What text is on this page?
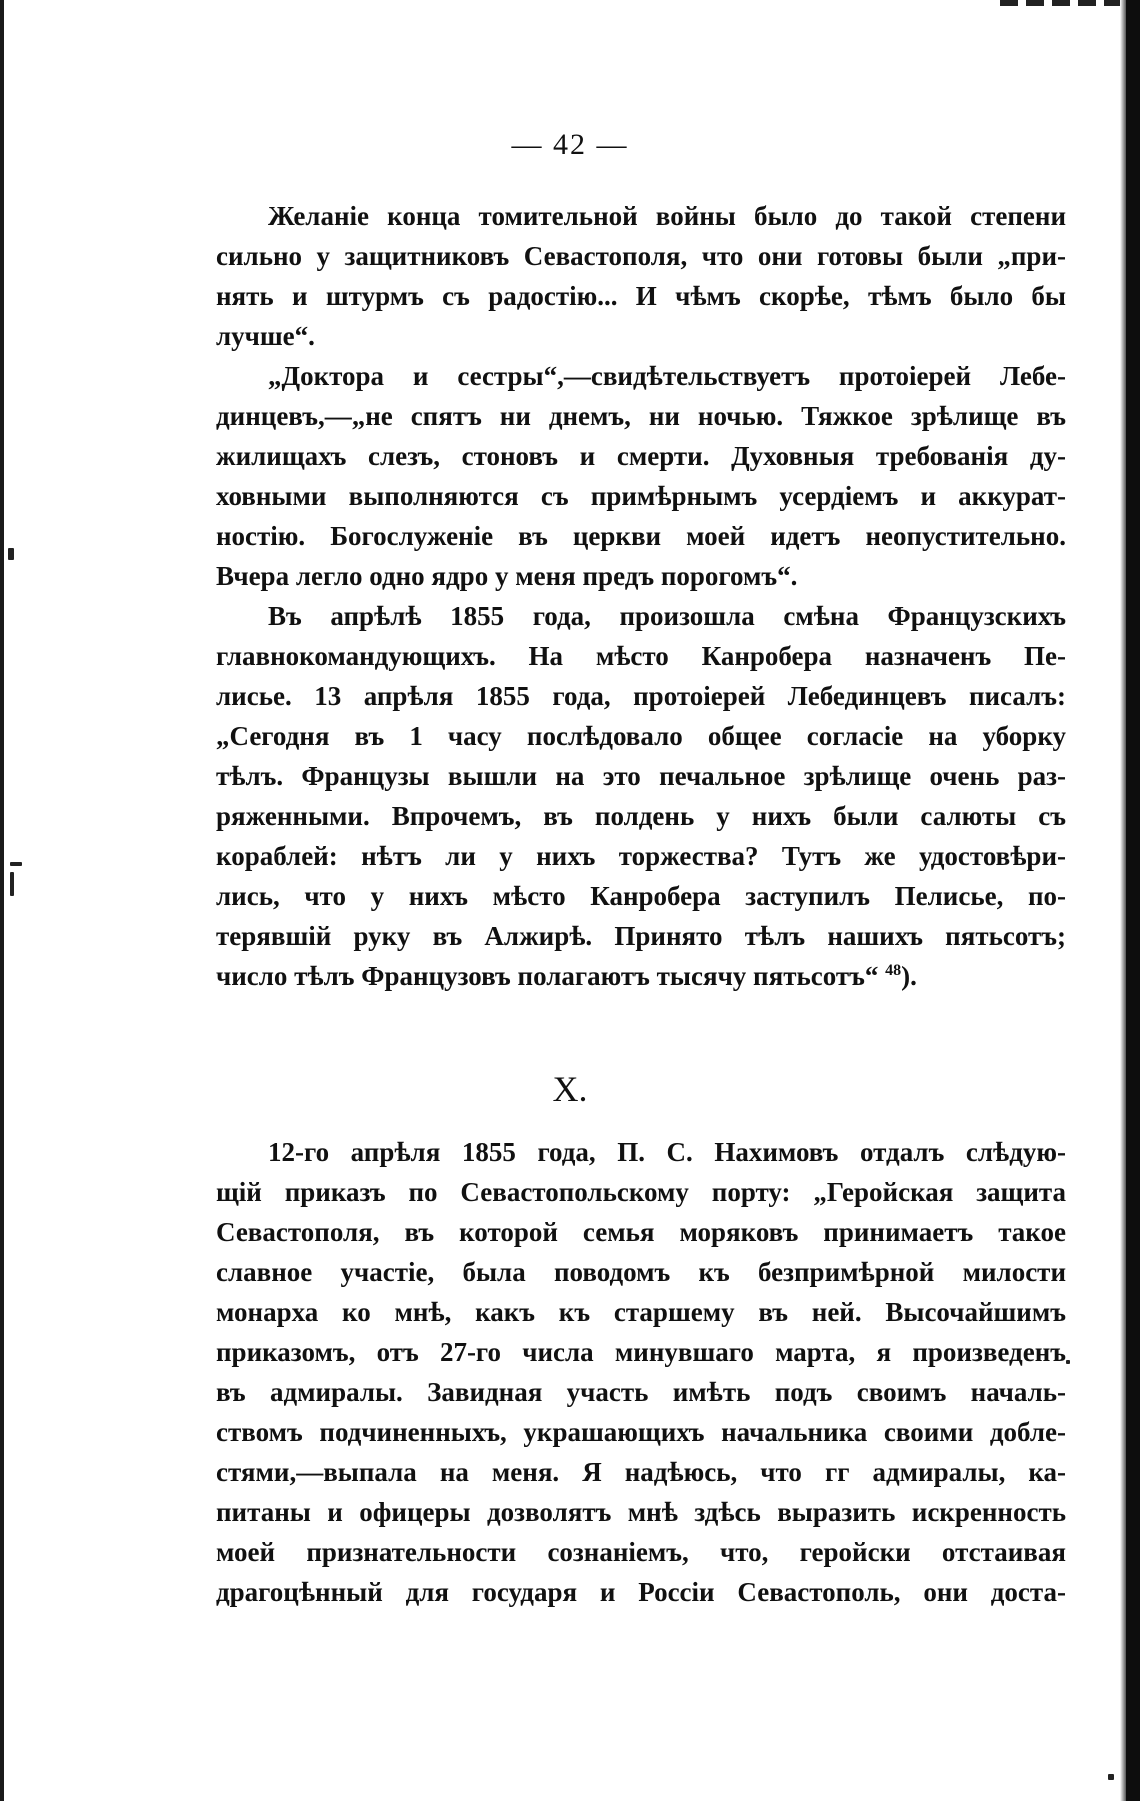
— 42 —

Желаніе конца томительной войны было до такой степени
сильно у защитниковъ Севастополя, что они готовы были „при-
нять и штурмъ съ радостію... И чѣмъ скорѣе, тѣмъ было бы
лучше“.

„Доктора и сестры“,—свидѣтельствуетъ протоіерей Лебе-
динцевъ,—„не спятъ ни днемъ, ни ночью. Тяжкое зрѣлище въ
жилищахъ слезъ, стоновъ и смерти. Духовныя требованія ду-
ховными выполняются съ примѣрнымъ усердіемъ и аккурат-
ностію. Богослуженіе въ церкви моей идетъ неопустительно.
Вчера легло одно ядро у меня предъ порогомъ“.

Въ апрѣлѣ 1855 года, произошла смѣна Французскихъ
главнокомандующихъ. На мѣсто Канробера назначенъ Пе-
лисье. 13 апрѣля 1855 года, протоіерей Лебединцевъ писалъ:
„Сегодня въ 1 часу послѣдовало общее согласіе на уборку
тѣлъ. Французы вышли на это печальное зрѣлище очень раз-
ряженными. Впрочемъ, въ полдень у нихъ были салюты съ
кораблей: нѣтъ ли у нихъ торжества? Тутъ же удостовѣри-
лись, что у нихъ мѣсто Канробера заступилъ Пелисье, по-
терявшій руку въ Алжирѣ. Принято тѣлъ нашихъ пятьсотъ;
число тѣлъ Французовъ полагаютъ тысячу пятьсотъ“ $^{48}$).

X.

12-го апрѣля 1855 года, П. С. Нахимовъ отдалъ слѣдую-
щій приказъ по Севастопольскому порту: „Геройская защита
Севастополя, въ которой семья моряковъ принимаетъ такое
славное участіе, была поводомъ къ безпримѣрной милости
монарха ко мнѣ, какъ къ старшему въ ней. Высочайшимъ
приказомъ, отъ 27-го числа минувшаго марта, я произведенъ
въ адмиралы. Завидная участь имѣть подъ своимъ началь-
ствомъ подчиненныхъ, украшающихъ начальника своими добле-
стями,—выпала на меня. Я надѣюсь, что гг адмиралы, ка-
питаны и офицеры дозволятъ мнѣ здѣсь выразить искренность
моей признательности сознаніемъ, что, геройски отстаивая
драгоцѣнный для государя и Россіи Севастополь, они доста-
